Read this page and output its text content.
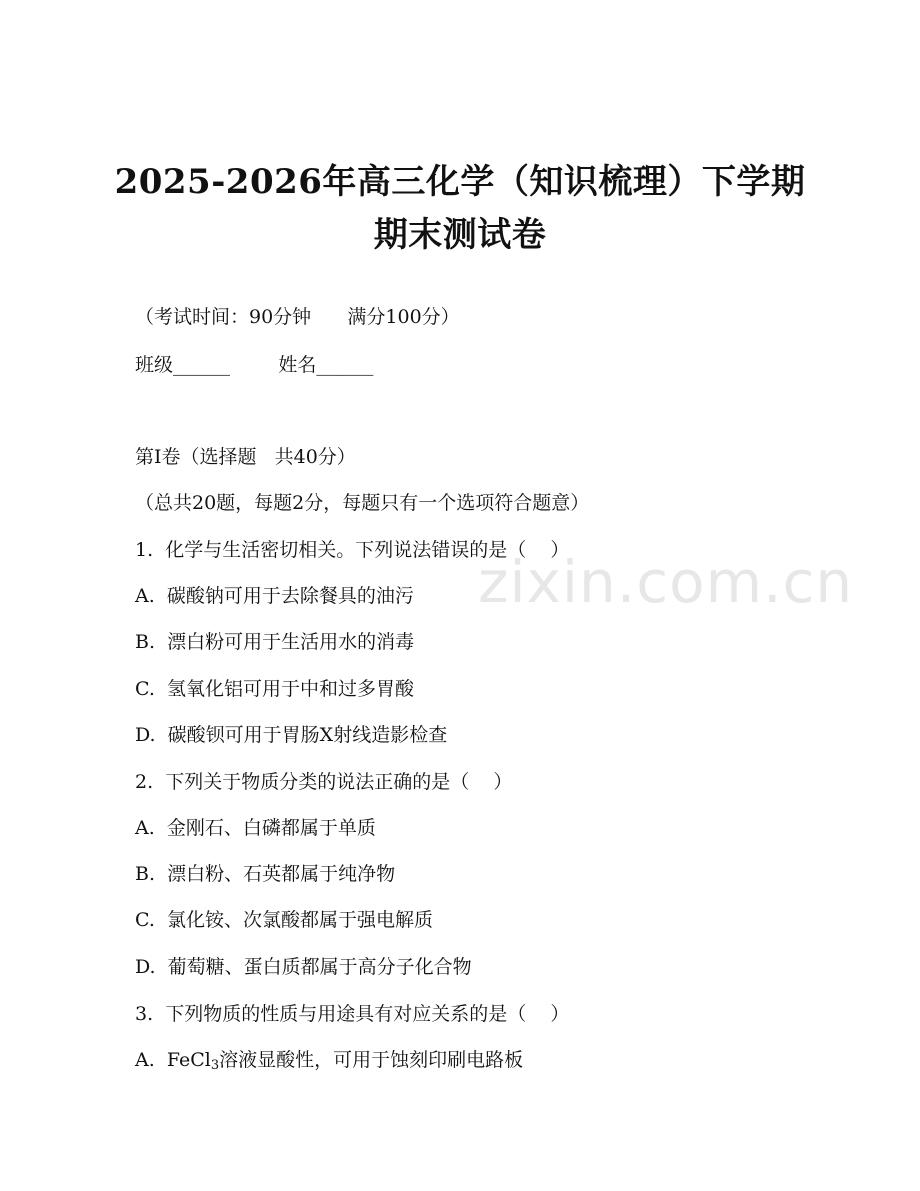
2025-2026年高三化学（知识梳理）下学期
期末测试卷
（考试时间：90分钟      满分100分）
班级______        姓名______
第I卷（选择题   共40分）
（总共20题，每题2分，每题只有一个选项符合题意）
1.  化学与生活密切相关。下列说法错误的是（    ）
A.  碳酸钠可用于去除餐具的油污
B.  漂白粉可用于生活用水的消毒
C.  氢氧化铝可用于中和过多胃酸
D.  碳酸钡可用于胃肠X射线造影检查
2.  下列关于物质分类的说法正确的是（    ）
A.  金刚石、白磷都属于单质
B.  漂白粉、石英都属于纯净物
C.  氯化铵、次氯酸都属于强电解质
D.  葡萄糖、蛋白质都属于高分子化合物
3.  下列物质的性质与用途具有对应关系的是（    ）
A.  FeCl$_3$溶液显酸性，可用于蚀刻印刷电路板
zixin.com.cn
